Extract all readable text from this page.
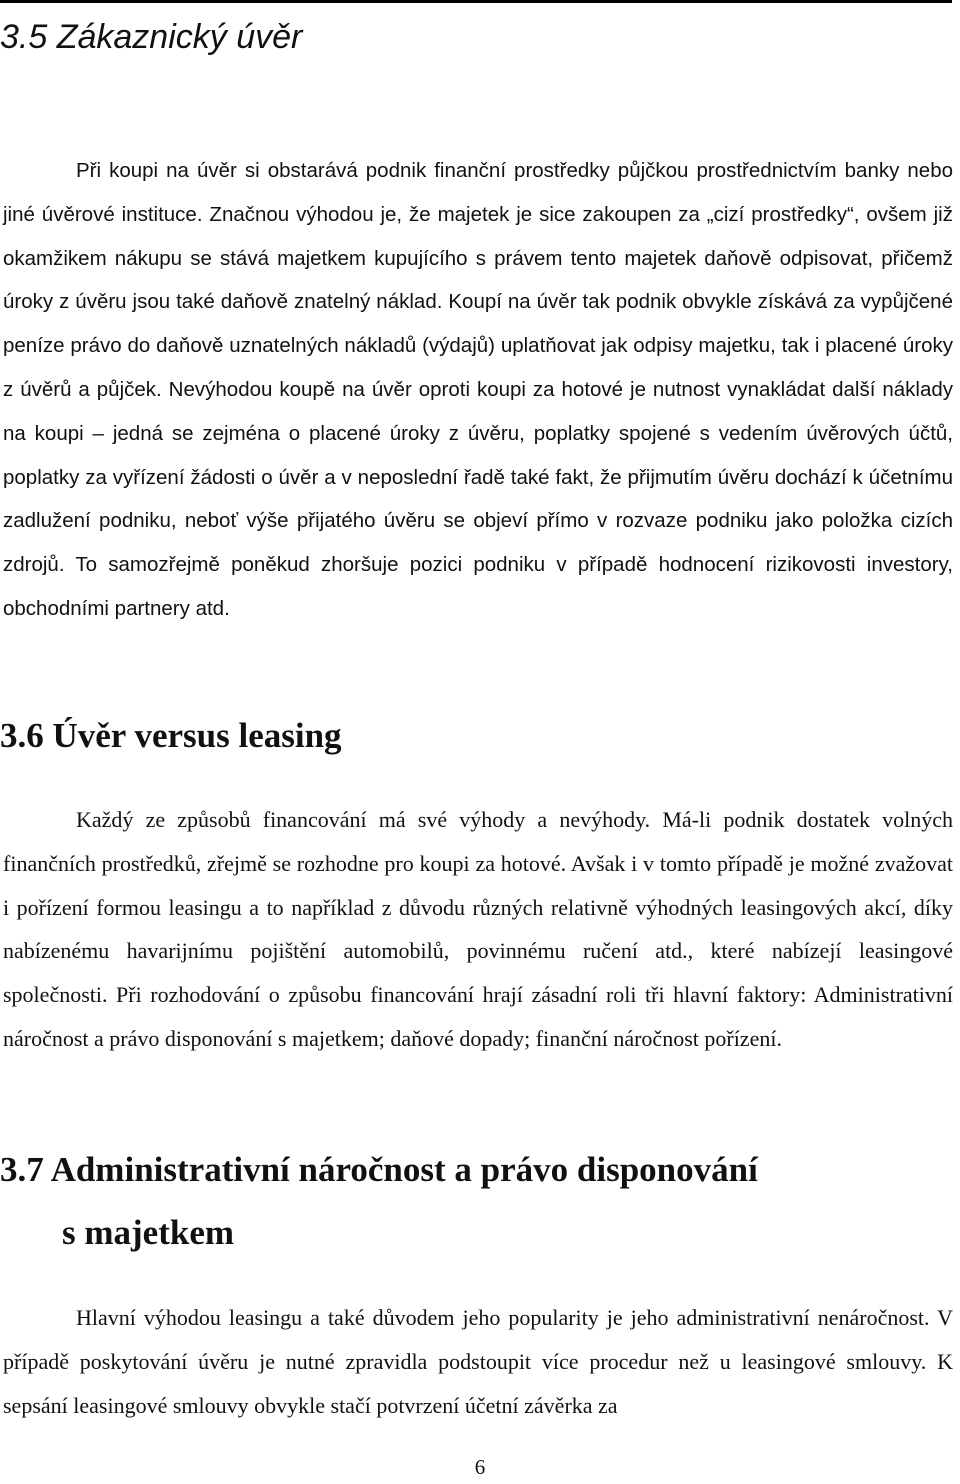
3.5 Zákaznický úvěr

Při koupi na úvěr si obstarává podnik finanční prostředky půjčkou prostřednictvím banky nebo jiné úvěrové instituce. Značnou výhodou je, že majetek je sice zakoupen za „cizí prostředky“, ovšem již okamžikem nákupu se stává majetkem kupujícího s právem tento majetek daňově odpisovat, přičemž úroky z úvěru jsou také daňově znatelný náklad. Koupí na úvěr tak podnik obvykle získává za vypůjčené peníze právo do daňově uznatelných nákladů (výdajů) uplatňovat jak odpisy majetku, tak i placené úroky z úvěrů a půjček. Nevýhodou koupě na úvěr oproti koupi za hotové je nutnost vynakládat další náklady na koupi – jedná se zejména o placené úroky z úvěru, poplatky spojené s vedením úvěrových účtů, poplatky za vyřízení žádosti o úvěr a v neposlední řadě také fakt, že přijmutím úvěru dochází k účetnímu zadlužení podniku, neboť výše přijatého úvěru se objeví přímo v rozvaze podniku jako položka cizích zdrojů. To samozřejmě poněkud zhoršuje pozici podniku v případě hodnocení rizikovosti investory, obchodními partnery atd.

3.6 Úvěr versus leasing

Každý ze způsobů financování má své výhody a nevýhody. Má-li podnik dostatek volných finančních prostředků, zřejmě se rozhodne pro koupi za hotové. Avšak i v tomto případě je možné zvažovat i pořízení formou leasingu a to například z důvodu různých relativně výhodných leasingových akcí, díky nabízenému havarijnímu pojištění automobilů, povinnému ručení atd., které nabízejí leasingové společnosti. Při rozhodování o způsobu financování hrají zásadní roli tři hlavní faktory: Administrativní náročnost a právo disponování s majetkem; daňové dopady; finanční náročnost pořízení.

3.7 Administrativní náročnost a právo disponování
s majetkem

Hlavní výhodou leasingu a také důvodem jeho popularity je jeho administrativní nenáročnost. V případě poskytování úvěru je nutné zpravidla podstoupit více procedur než u leasingové smlouvy. K sepsání leasingové smlouvy obvykle stačí potvrzení účetní závěrka za

6
